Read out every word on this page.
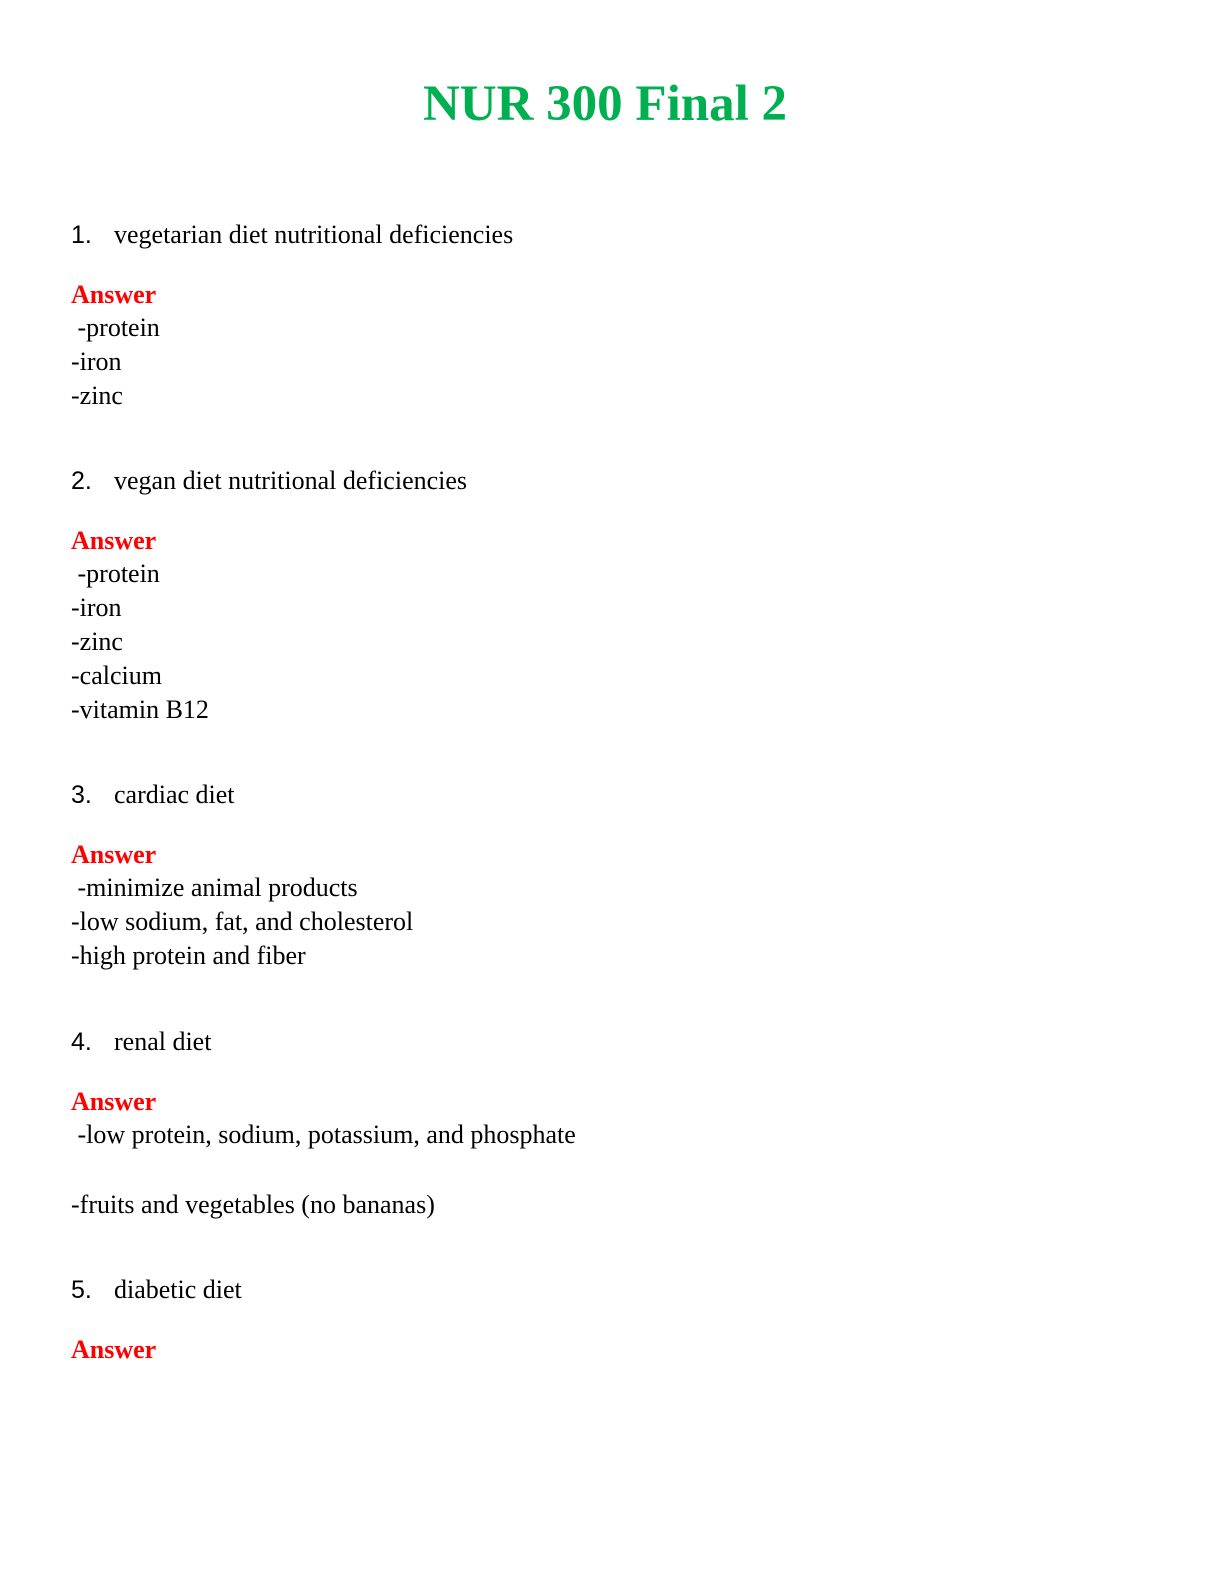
NUR 300 Final 2
1. vegetarian diet nutritional deficiencies
Answer
-protein
-iron
-zinc
2. vegan diet nutritional deficiencies
Answer
-protein
-iron
-zinc
-calcium
-vitamin B12
3. cardiac diet
Answer
-minimize animal products
-low sodium, fat, and cholesterol
-high protein and fiber
4. renal diet
Answer
-low protein, sodium, potassium, and phosphate
-fruits and vegetables (no bananas)
5. diabetic diet
Answer
